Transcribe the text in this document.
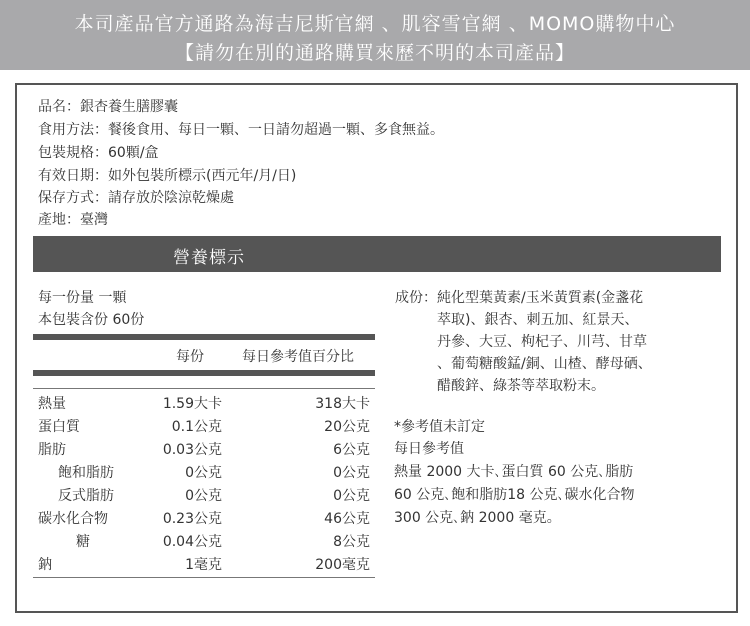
本司產品官方通路為海吉尼斯官網 、肌容雪官網 、MOMO購物中心
【請勿在別的通路購買來歷不明的本司產品】
品名：銀杏養生膳膠囊
食用方法：餐後食用、每日一顆、一日請勿超過一顆、多食無益。
包裝規格：60顆/盒
有效日期：如外包裝所標示(西元年/月/日)
保存方式：請存放於陰涼乾燥處
產地：臺灣
營養標示
每一份量 一顆
本包裝含份 60份
每份	每日參考值百分比
熱量	1.59大卡	318大卡
蛋白質	0.1公克	20公克
脂肪	0.03公克	6公克
飽和脂肪	0公克	0公克
反式脂肪	0公克	0公克
碳水化合物	0.23公克	46公克
糖	0.04公克	8公克
鈉	1毫克	200毫克
成份：純化型葉黃素/玉米黃質素(金盞花
萃取)、銀杏、刺五加、紅景天、
丹參、大豆、枸杞子、川芎、甘草
、葡萄糖酸錳/銅、山楂、酵母硒、
醋酸鋅、綠茶等萃取粉末。
*參考值未訂定
每日參考值
熱量 2000 大卡､蛋白質 60 公克､脂肪
60 公克､飽和脂肪18 公克､碳水化合物
300 公克､鈉 2000 毫克｡
